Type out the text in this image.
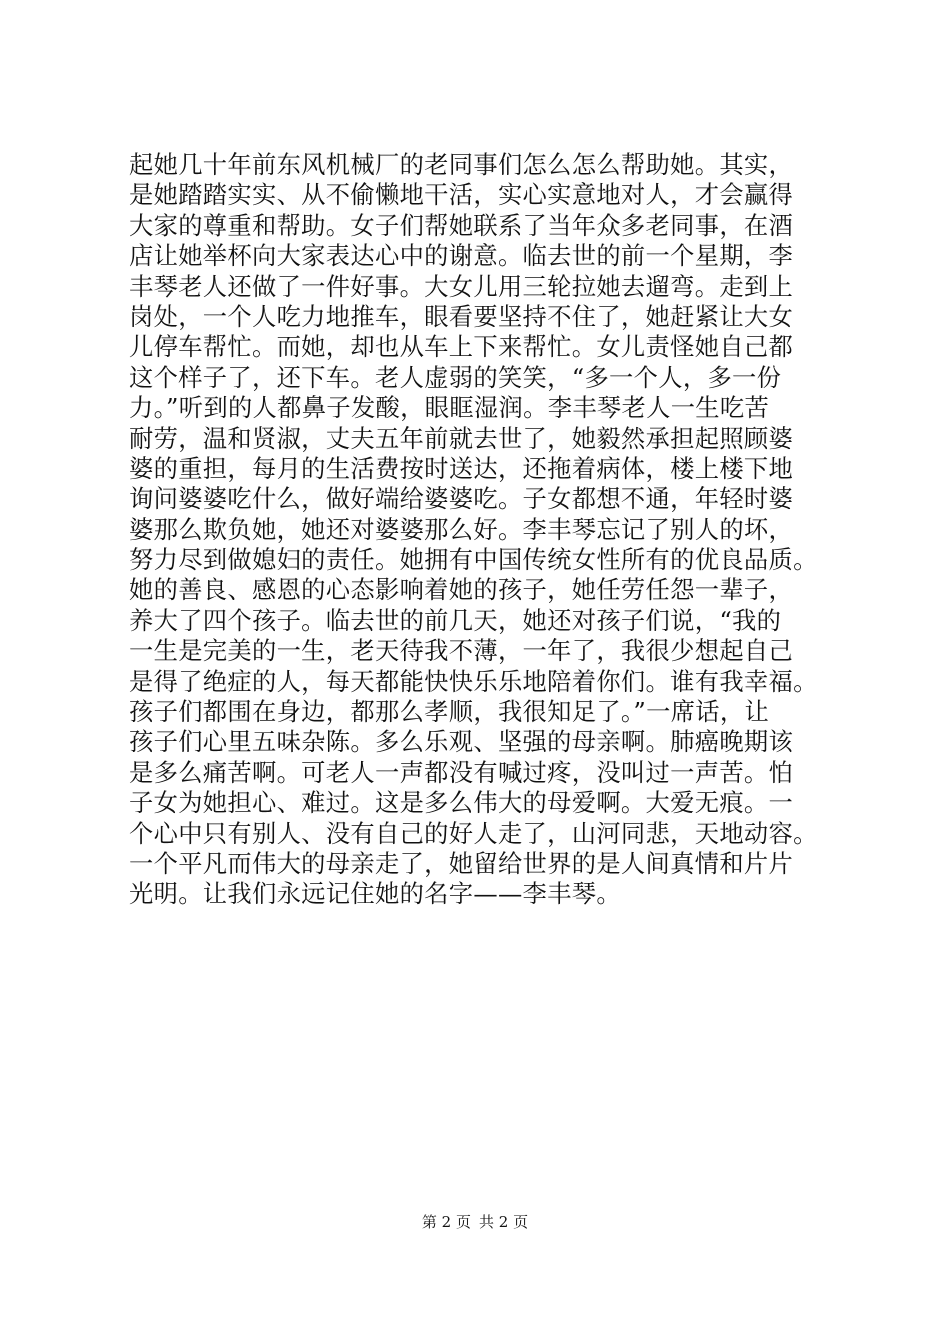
起她几十年前东风机械厂的老同事们怎么怎么帮助她。其实，
是她踏踏实实、从不偷懒地干活，实心实意地对人，才会赢得
大家的尊重和帮助。女子们帮她联系了当年众多老同事，在酒
店让她举杯向大家表达心中的谢意。临去世的前一个星期，李
丰琴老人还做了一件好事。大女儿用三轮拉她去遛弯。走到上
岗处，一个人吃力地推车，眼看要坚持不住了，她赶紧让大女
儿停车帮忙。而她，却也从车上下来帮忙。女儿责怪她自己都
这个样子了，还下车。老人虚弱的笑笑，“多一个人，多一份
力。”听到的人都鼻子发酸，眼眶湿润。李丰琴老人一生吃苦
耐劳，温和贤淑，丈夫五年前就去世了，她毅然承担起照顾婆
婆的重担，每月的生活费按时送达，还拖着病体，楼上楼下地
询问婆婆吃什么，做好端给婆婆吃。子女都想不通，年轻时婆
婆那么欺负她，她还对婆婆那么好。李丰琴忘记了别人的坏，
努力尽到做媳妇的责任。她拥有中国传统女性所有的优良品质。
她的善良、感恩的心态影响着她的孩子，她任劳任怨一辈子，
养大了四个孩子。临去世的前几天，她还对孩子们说，“我的
一生是完美的一生，老天待我不薄，一年了，我很少想起自己
是得了绝症的人，每天都能快快乐乐地陪着你们。谁有我幸福。
孩子们都围在身边，都那么孝顺，我很知足了。”一席话，让
孩子们心里五味杂陈。多么乐观、坚强的母亲啊。肺癌晚期该
是多么痛苦啊。可老人一声都没有喊过疼，没叫过一声苦。怕
子女为她担心、难过。这是多么伟大的母爱啊。大爱无痕。一
个心中只有别人、没有自己的好人走了，山河同悲，天地动容。
一个平凡而伟大的母亲走了，她留给世界的是人间真情和片片
光明。让我们永远记住她的名字——李丰琴。
第 2 页 共 2 页
